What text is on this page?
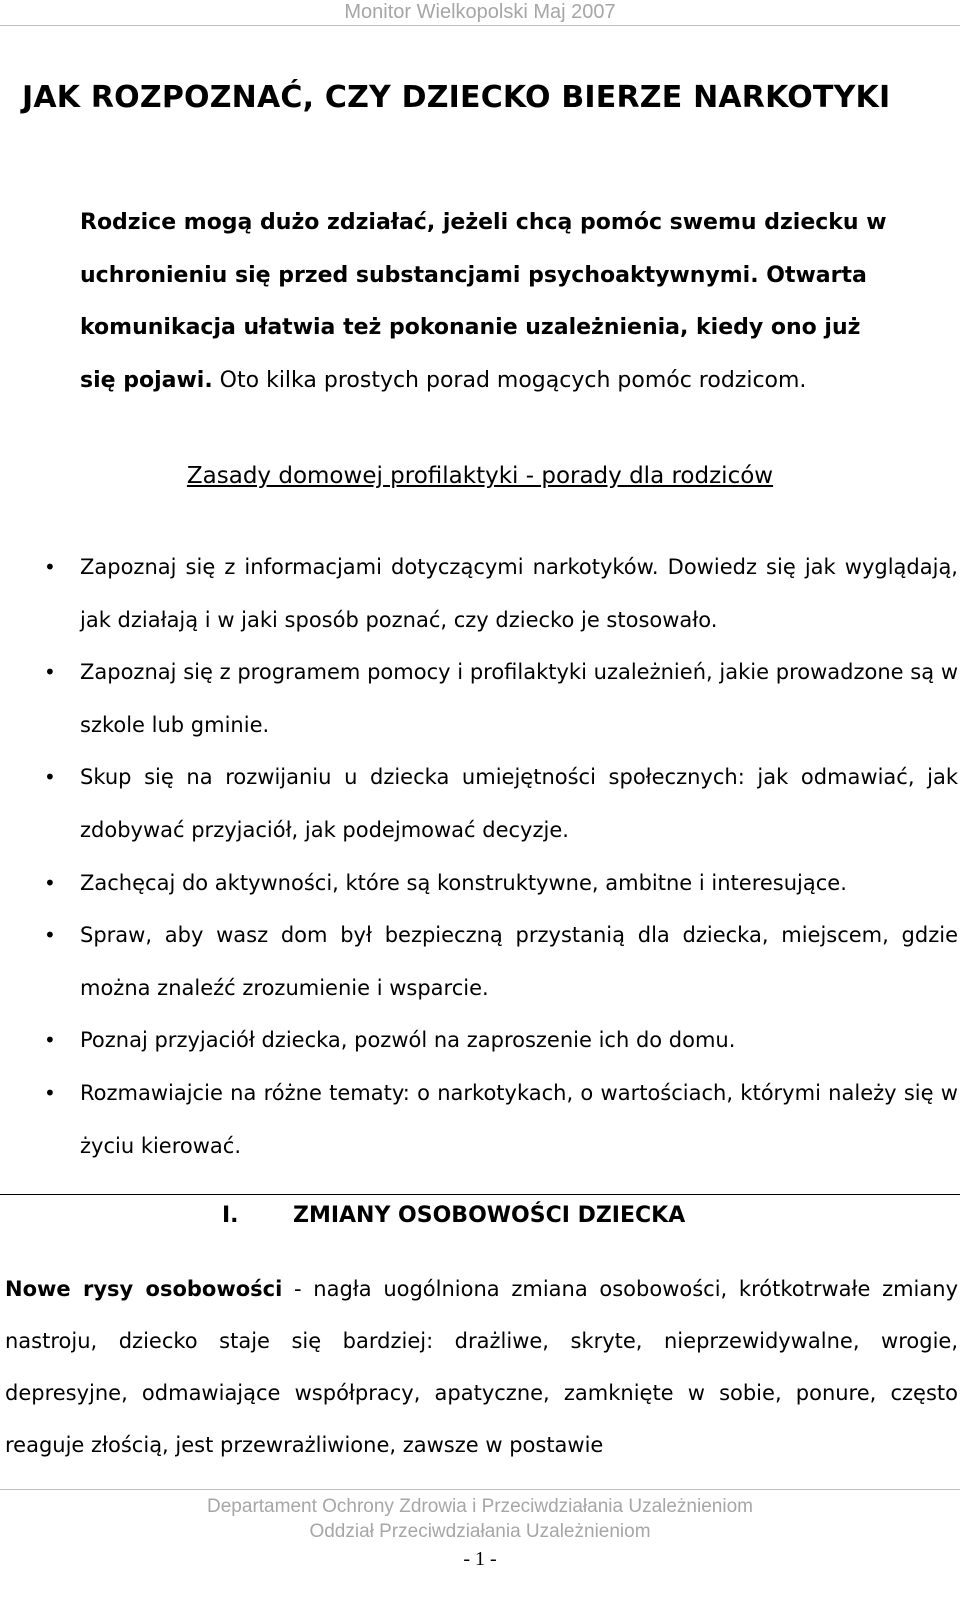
Monitor Wielkopolski Maj 2007
JAK ROZPOZNAĆ, CZY DZIECKO BIERZE NARKOTYKI

Rodzice mogą dużo zdziałać, jeżeli chcą pomóc swemu dziecku w uchronieniu się przed substancjami psychoaktywnymi. Otwarta komunikacja ułatwia też pokonanie uzależnienia, kiedy ono już się pojawi. Oto kilka prostych porad mogących pomóc rodzicom.

Zasady domowej profilaktyki - porady dla rodziców
• Zapoznaj się z informacjami dotyczącymi narkotyków. Dowiedz się jak wyglądają, jak działają i w jaki sposób poznać, czy dziecko je stosowało.
• Zapoznaj się z programem pomocy i profilaktyki uzależnień, jakie prowadzone są w szkole lub gminie.
• Skup się na rozwijaniu u dziecka umiejętności społecznych: jak odmawiać, jak zdobywać przyjaciół, jak podejmować decyzje.
• Zachęcaj do aktywności, które są konstruktywne, ambitne i interesujące.
• Spraw, aby wasz dom był bezpieczną przystanią dla dziecka, miejscem, gdzie można znaleźć zrozumienie i wsparcie.
• Poznaj przyjaciół dziecka, pozwól na zaproszenie ich do domu.
• Rozmawiajcie na różne tematy: o narkotykach, o wartościach, którymi należy się w życiu kierować.
I. ZMIANY OSOBOWOŚCI DZIECKA

Nowe rysy osobowości - nagła uogólniona zmiana osobowości, krótkotrwałe zmiany nastroju, dziecko staje się bardziej: drażliwe, skryte, nieprzewidywalne, wrogie, depresyjne, odmawiające współpracy, apatyczne, zamknięte w sobie, ponure, często reaguje złością, jest przewrażliwione, zawsze w postawie

Departament Ochrony Zdrowia i Przeciwdziałania Uzależnieniom
Oddział Przeciwdziałania Uzależnieniom
- 1 -
